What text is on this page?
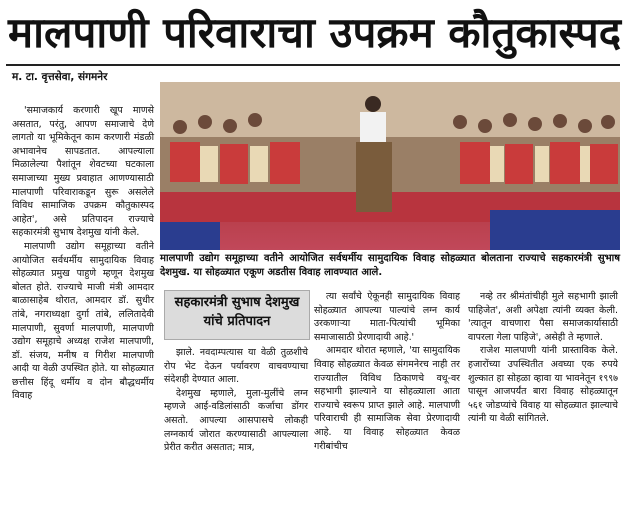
मालपाणी परिवाराचा उपक्रम कौतुकास्पद
म. टा. वृत्तसेवा, संगमनेर

'समाजकार्य करणारी खूप माणसे असतात, परंतु, आपण समाजाचे देणे लागतो या भूमिकेतून काम करणारी मंडळी अभावानेच सापडतात. आपल्याला मिळालेल्या पैशांतून शेवटच्या घटकाला समाजाच्या मुख्य प्रवाहात आणण्यासाठी मालपाणी परिवाराकडून सुरू असलेले विविध सामाजिक उपक्रम कौतुकास्पद आहेत', असे प्रतिपादन राज्याचे सहकारमंत्री सुभाष देशमुख यांनी केले.

मालपाणी उद्योग समूहाच्या वतीने आयोजित सर्वधर्मीय सामुदायिक विवाह सोहळ्यात प्रमुख पाहुणे म्हणून देशमुख बोलत होते. राज्याचे माजी मंत्री आमदार बाळासाहेब थोरात, आमदार डॉ. सुधीर तांबे, नगराध्यक्षा दुर्गा तांबे, ललितादेवी मालपाणी, सुवर्णा मालपाणी, मालपाणी उद्योग समूहाचे अध्यक्ष राजेश मालपाणी, डॉ. संजय, मनीष व गिरीश मालपाणी आदी या वेळी उपस्थित होते. या सोहळ्यात छत्तीस हिंदू धर्मीय व दोन बौद्धधर्मीय विवाह

मालपाणी उद्योग समूहाच्या वतीने आयोजित सर्वधर्मीय सामुदायिक विवाह सोहळ्यात बोलताना राज्याचे सहकारमंत्री सुभाष देशमुख. या सोहळ्यात एकूण अडतीस विवाह लावण्यात आले.
सहकारमंत्री सुभाष देशमुख यांचे प्रतिपादन

झाले. नवदाम्पत्यास या वेळी तुळशीचे रोप भेट देऊन पर्यावरण वाचवण्याचा संदेशही देण्यात आला.

देशमुख म्हणाले, मुला-मुलींचे लग्न म्हणजे आई-वडिलांसाठी कर्जाचा डोंगर असतो. आपल्या आसपासचे लोकही लग्नकार्य जोरात करण्यासाठी आपल्याला प्रेरीत करीत असतात; मात्र,

त्या सर्वांचे ऐकूनही सामुदायिक विवाह सोहळ्यात आपल्या पाल्यांचे लग्न कार्य उरकणाऱ्या माता-पित्यांची भूमिका समाजासाठी प्रेरणादायी आहे.'

आमदार थोरात म्हणाले, 'या सामुदायिक विवाह सोहळ्यात केवळ संगमनेरच नाही तर राज्यातील विविध ठिकाणचे वधू-वर सहभागी झाल्याने या सोहळ्याला आता राज्याचे स्वरूप प्राप्त झाले आहे. मालपाणी परिवाराची ही सामाजिक सेवा प्रेरणादायी आहे. या विवाह सोहळ्यात केवळ गरीबांचीच

नव्हे तर श्रीमंतांचीही मुले सहभागी झाली पाहिजेत', अशी अपेक्षा त्यांनी व्यक्त केली. 'त्यातून वाचणारा पैसा समाजकार्यासाठी वापरला गेला पाहिजे', असेही ते म्हणाले.

राजेश मालपाणी यांनी प्रास्ताविक केले. हजारोंच्या उपस्थितीत अवघ्या एक रुपये शुल्कात हा सोहळा व्हावा या भावनेतून १९९७ पासून आजपर्यंत बारा विवाह सोहळ्यातून ५६१ जोडप्यांचे विवाह या सोहळ्यात झाल्याचे त्यांनी या वेळी सांगितले.
